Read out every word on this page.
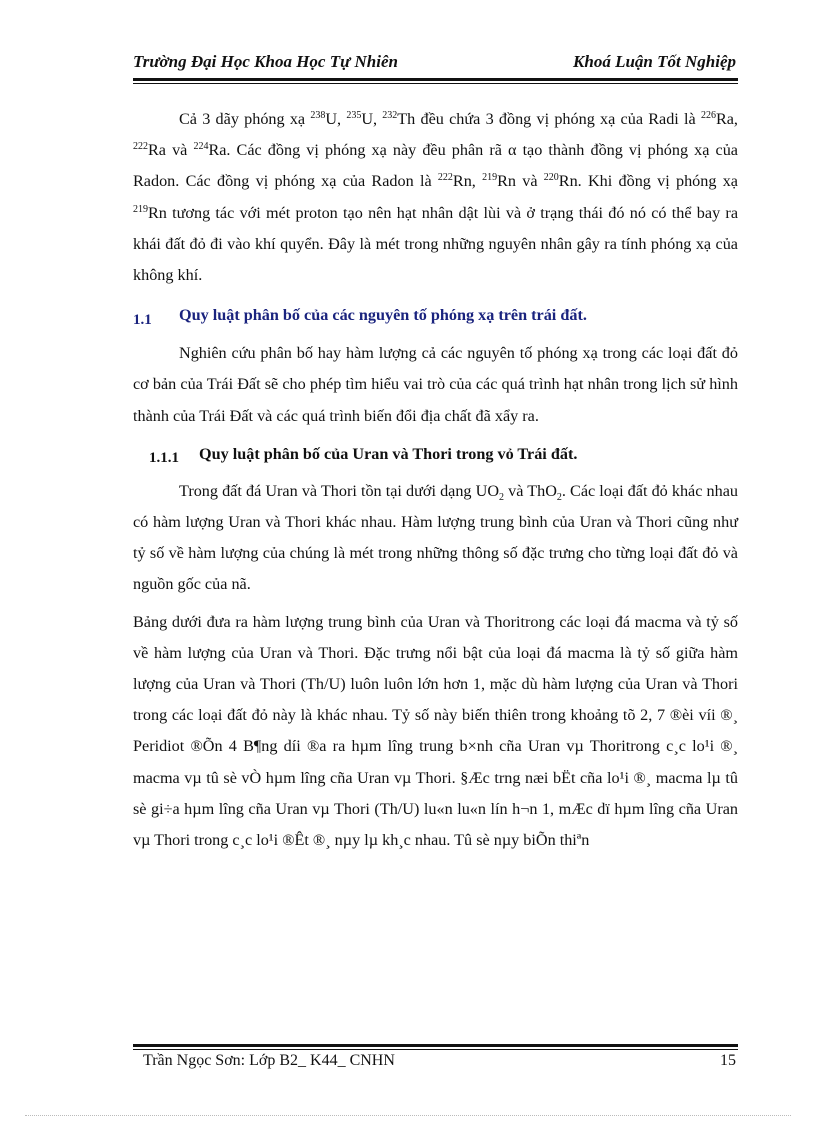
Trường Đại Học Khoa Học Tự Nhiên	Khoá Luận Tốt Nghiệp

Cả 3 dãy phóng xạ $^{238}$U, $^{235}$U, $^{232}$Th đều chứa 3 đồng vị phóng xạ của Radi là $^{226}$Ra, $^{222}$Ra và $^{224}$Ra. Các đồng vị phóng xạ này đều phân rã α tạo thành đồng vị phóng xạ của Radon. Các đồng vị phóng xạ của Radon là $^{222}$Rn, $^{219}$Rn và $^{220}$Rn. Khi đồng vị phóng xạ $^{219}$Rn tương tác với mét proton tạo nên hạt nhân dật lùi và ở trạng thái đó nó có thể bay ra khái đất đỏ đi vào khí quyển. Đây là mét trong những nguyên nhân gây ra tính phóng xạ của không khí.

1.1 Quy luật phân bố của các nguyên tố phóng xạ trên trái đất.

Nghiên cứu phân bố hay hàm lượng cả các nguyên tố phóng xạ trong các loại đất đỏ cơ bản của Trái Đất sẽ cho phép tìm hiểu vai trò của các quá trình hạt nhân trong lịch sử hình thành của Trái Đất và các quá trình biến đổi địa chất đã xẩy ra.

1.1.1 Quy luật phân bố của Uran và Thori trong vỏ Trái đất.

Trong đất đá Uran và Thori tồn tại dưới dạng $UO_2$ và ThO$_2$. Các loại đất đỏ khác nhau có hàm lượng Uran và Thori khác nhau. Hàm lượng trung bình của Uran và Thori cũng như tỷ số về hàm lượng của chúng là mét trong những thông số đặc trưng cho từng loại đất đỏ và nguồn gốc của nã.

Bảng dưới đưa ra hàm lượng trung bình của Uran và Thoritrong các loại đá macma và tỷ số về hàm lượng của Uran và Thori. Đặc trưng nổi bật của loại đá macma là tỷ số giữa hàm lượng của Uran và Thori (Th/U) luôn luôn lớn hơn 1, mặc dù hàm lượng của Uran và Thori trong các loại đất đỏ này là khác nhau. Tỷ số này biến thiên trong khoảng tõ 2, 7 ®èi víi ®¸ Peridiot ®Õn 4 B¶ng díi ®a ra hµm lîng trung b×nh cña Uran vµ Thoritrong c¸c lo¹i ®¸ macma vµ tû sè vÒ hµm lîng cña Uran vµ Thori. §Æc trng næi bËt cña lo¹i ®¸ macma lµ tû sè gi÷a hµm lîng cña Uran vµ Thori (Th/U) lu«n lu«n lín h¬n 1, mÆc dï hµm lîng cña Uran vµ Thori trong c¸c lo¹i ®Êt ®¸ nµy lµ kh¸c nhau. Tû sè nµy biÕn thiªn

Trần Ngọc Sơn: Lớp B2_ K44_ CNHN	15
